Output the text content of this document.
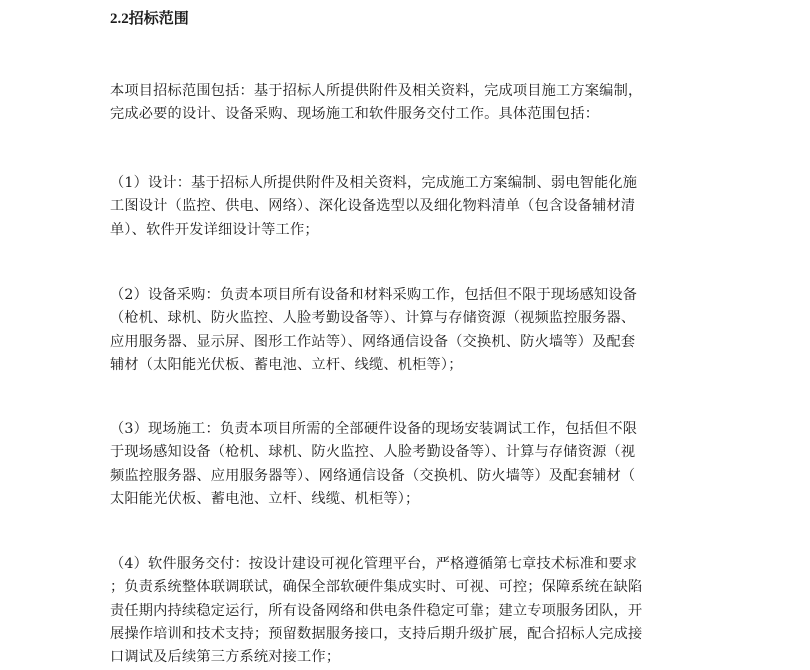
2.2招标范围

本项目招标范围包括：基于招标人所提供附件及相关资料，完成项目施工方案编制，
完成必要的设计、设备采购、现场施工和软件服务交付工作。具体范围包括：

（1）设计：基于招标人所提供附件及相关资料，完成施工方案编制、弱电智能化施
工图设计（监控、供电、网络）、深化设备选型以及细化物料清单（包含设备辅材清
单）、软件开发详细设计等工作；

（2）设备采购：负责本项目所有设备和材料采购工作，包括但不限于现场感知设备
（枪机、球机、防火监控、人脸考勤设备等）、计算与存储资源（视频监控服务器、
应用服务器、显示屏、图形工作站等）、网络通信设备（交换机、防火墙等）及配套
辅材（太阳能光伏板、蓄电池、立杆、线缆、机柜等）；

（3）现场施工：负责本项目所需的全部硬件设备的现场安装调试工作，包括但不限
于现场感知设备（枪机、球机、防火监控、人脸考勤设备等）、计算与存储资源（视
频监控服务器、应用服务器等）、网络通信设备（交换机、防火墙等）及配套辅材（
太阳能光伏板、蓄电池、立杆、线缆、机柜等）；

（4）软件服务交付：按设计建设可视化管理平台，严格遵循第七章技术标准和要求
；负责系统整体联调联试，确保全部软硬件集成实时、可视、可控；保障系统在缺陷
责任期内持续稳定运行，所有设备网络和供电条件稳定可靠；建立专项服务团队，开
展操作培训和技术支持；预留数据服务接口，支持后期升级扩展，配合招标人完成接
口调试及后续第三方系统对接工作；
